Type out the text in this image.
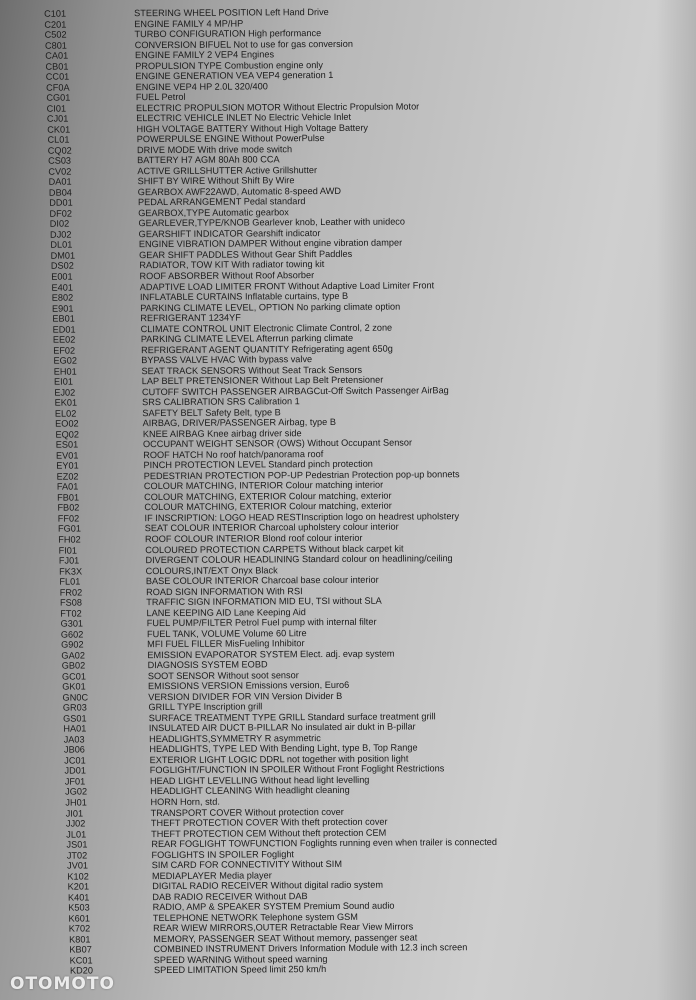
C101	STEERING WHEEL POSITION Left Hand Drive
C201	ENGINE FAMILY 4 MP/HP
C502	TURBO CONFIGURATION High performance
C801	CONVERSION BIFUEL Not to use for gas conversion
CA01	ENGINE FAMILY 2 VEP4 Engines
CB01	PROPULSION TYPE Combustion engine only
CC01	ENGINE GENERATION VEA VEP4 generation 1
CF0A	ENGINE VEP4 HP 2.0L 320/400
CG01	FUEL Petrol
CI01	ELECTRIC PROPULSION MOTOR Without Electric Propulsion Motor
CJ01	ELECTRIC VEHICLE INLET No Electric Vehicle Inlet
CK01	HIGH VOLTAGE BATTERY Without High Voltage Battery
CL01	POWERPULSE ENGINE Without PowerPulse
CQ02	DRIVE MODE With drive mode switch
CS03	BATTERY H7 AGM 80Ah 800 CCA
CV02	ACTIVE GRILLSHUTTER Active Grillshutter
DA01	SHIFT BY WIRE Without Shift By Wire
DB04	GEARBOX AWF22AWD, Automatic 8-speed AWD
DD01	PEDAL ARRANGEMENT Pedal standard
DF02	GEARBOX,TYPE Automatic gearbox
DI02	GEARLEVER,TYPE/KNOB Gearlever knob, Leather with unideco
DJ02	GEARSHIFT INDICATOR Gearshift indicator
DL01	ENGINE VIBRATION DAMPER Without engine vibration damper
DM01	GEAR SHIFT PADDLES Without Gear Shift Paddles
DS02	RADIATOR, TOW KIT With radiator towing kit
E001	ROOF ABSORBER Without Roof Absorber
E401	ADAPTIVE LOAD LIMITER FRONT Without Adaptive Load Limiter Front
E802	INFLATABLE CURTAINS Inflatable curtains, type B
E901	PARKING CLIMATE LEVEL, OPTION No parking climate option
EB01	REFRIGERANT 1234YF
ED01	CLIMATE CONTROL UNIT Electronic Climate Control, 2 zone
EE02	PARKING CLIMATE LEVEL Afterrun parking climate
EF02	REFRIGERANT AGENT QUANTITY Refrigerating agent 650g
EG02	BYPASS VALVE HVAC With bypass valve
EH01	SEAT TRACK SENSORS Without Seat Track Sensors
EI01	LAP BELT PRETENSIONER Without Lap Belt Pretensioner
EJ02	CUTOFF SWITCH PASSENGER AIRBAGCut-Off Switch Passenger AirBag
EK01	SRS CALIBRATION SRS Calibration 1
EL02	SAFETY BELT Safety Belt, type B
EO02	AIRBAG, DRIVER/PASSENGER Airbag, type B
EQ02	KNEE AIRBAG Knee airbag driver side
ES01	OCCUPANT WEIGHT SENSOR (OWS) Without Occupant Sensor
EV01	ROOF HATCH No roof hatch/panorama roof
EY01	PINCH PROTECTION LEVEL Standard pinch protection
EZ02	PEDESTRIAN PROTECTION POP-UP Pedestrian Protection pop-up bonnets
FA01	COLOUR MATCHING, INTERIOR Colour matching interior
FB01	COLOUR MATCHING, EXTERIOR Colour matching, exterior
FB02	COLOUR MATCHING, EXTERIOR Colour matching, exterior
FF02	IF INSCRIPTION: LOGO HEAD RESTInscription logo on headrest upholstery
FG01	SEAT COLOUR INTERIOR Charcoal upholstery colour interior
FH02	ROOF COLOUR INTERIOR Blond roof colour interior
FI01	COLOURED PROTECTION CARPETS Without black carpet kit
FJ01	DIVERGENT COLOUR HEADLINING Standard colour on headlining/ceiling
FK3X	COLOURS,INT/EXT Onyx Black
FL01	BASE COLOUR INTERIOR Charcoal base colour interior
FR02	ROAD SIGN INFORMATION With RSI
FS08	TRAFFIC SIGN INFORMATION MID EU, TSI without SLA
FT02	LANE KEEPING AID Lane Keeping Aid
G301	FUEL PUMP/FILTER Petrol Fuel pump with internal filter
G602	FUEL TANK, VOLUME Volume 60 Litre
G902	MFI FUEL FILLER MisFueling Inhibitor
GA02	EMISSION EVAPORATOR SYSTEM Elect. adj. evap system
GB02	DIAGNOSIS SYSTEM EOBD
GC01	SOOT SENSOR Without soot sensor
GK01	EMISSIONS VERSION Emissions version, Euro6
GN0C	VERSION DIVIDER FOR VIN Version Divider B
GR03	GRILL TYPE Inscription grill
GS01	SURFACE TREATMENT TYPE GRILL Standard surface treatment grill
HA01	INSULATED AIR DUCT B-PILLAR No insulated air dukt in B-pillar
JA03	HEADLIGHTS,SYMMETRY R asymmetric
JB06	HEADLIGHTS, TYPE LED With Bending Light, type B, Top Range
JC01	EXTERIOR LIGHT LOGIC DDRL not together with position light
JD01	FOGLIGHT/FUNCTION IN SPOILER Without Front Foglight Restrictions
JF01	HEAD LIGHT LEVELLING Without head light levelling
JG02	HEADLIGHT CLEANING With headlight cleaning
JH01	HORN Horn, std.
JI01	TRANSPORT COVER Without protection cover
JJ02	THEFT PROTECTION COVER With theft protection cover
JL01	THEFT PROTECTION CEM Without theft protection CEM
JS01	REAR FOGLIGHT TOWFUNCTION Foglights running even when trailer is connected
JT02	FOGLIGHTS IN SPOILER Foglight
JV01	SIM CARD FOR CONNECTIVITY Without SIM
K102	MEDIAPLAYER Media player
K201	DIGITAL RADIO RECEIVER Without digital radio system
K401	DAB RADIO RECEIVER Without DAB
K503	RADIO, AMP & SPEAKER SYSTEM Premium Sound audio
K601	TELEPHONE NETWORK Telephone system GSM
K702	REAR WIEW MIRRORS,OUTER Retractable Rear View Mirrors
K801	MEMORY, PASSENGER SEAT Without memory, passenger seat
KB07	COMBINED INSTRUMENT Drivers Information Module with 12.3 inch screen
KC01	SPEED WARNING Without speed warning
KD20	SPEED LIMITATION Speed limit 250 km/h
OTOMOTO
